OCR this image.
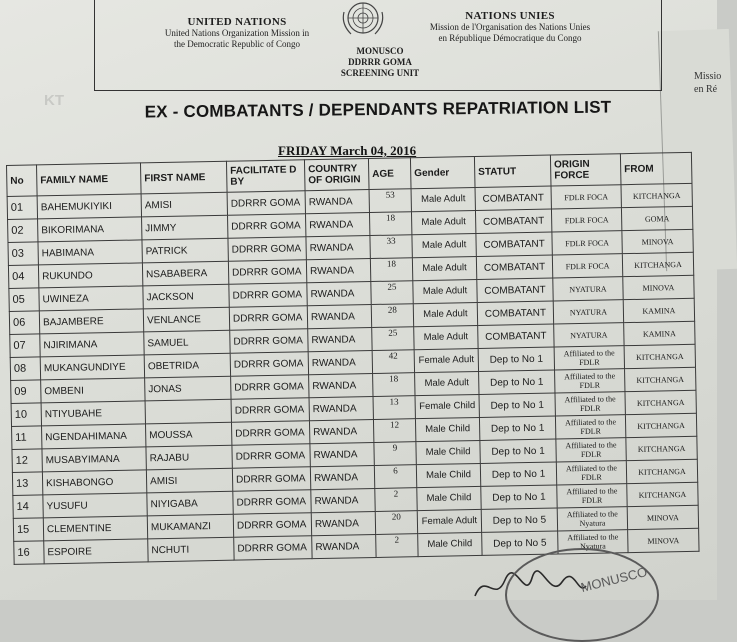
Missio
en Ré
UNITED NATIONS
United Nations Organization Mission in
the Democratic Republic of Congo
NATIONS UNIES
Mission de l'Organisation des Nations Unies
en République Démocratique du Congo
MONUSCO
DDRRR GOMA
SCREENING UNIT
KT	EX - COMBATANTS / DEPENDANTS REPATRIATION LIST
FRIDAY March 04, 2016
No	FAMILY NAME	FIRST NAME	FACILITATE D BY	COUNTRY OF ORIGIN	AGE	Gender	STATUT	ORIGIN FORCE	FROM
01	BAHEMUKIYIKI	AMISI	DDRRR GOMA	RWANDA	53	Male Adult	COMBATANT	FDLR FOCA	KITCHANGA
02	BIKORIMANA	JIMMY	DDRRR GOMA	RWANDA	18	Male Adult	COMBATANT	FDLR FOCA	GOMA
03	HABIMANA	PATRICK	DDRRR GOMA	RWANDA	33	Male Adult	COMBATANT	FDLR FOCA	MINOVA
04	RUKUNDO	NSABABERA	DDRRR GOMA	RWANDA	18	Male Adult	COMBATANT	FDLR FOCA	KITCHANGA
05	UWINEZA	JACKSON	DDRRR GOMA	RWANDA	25	Male Adult	COMBATANT	NYATURA	MINOVA
06	BAJAMBERE	VENLANCE	DDRRR GOMA	RWANDA	28	Male Adult	COMBATANT	NYATURA	KAMINA
07	NJIRIMANA	SAMUEL	DDRRR GOMA	RWANDA	25	Male Adult	COMBATANT	NYATURA	KAMINA
08	MUKANGUNDIYE	OBETRIDA	DDRRR GOMA	RWANDA	42	Female Adult	Dep to No 1	Affiliated to the FDLR	KITCHANGA
09	OMBENI	JONAS	DDRRR GOMA	RWANDA	18	Male Adult	Dep to No 1	Affiliated to the FDLR	KITCHANGA
10	NTIYUBAHE		DDRRR GOMA	RWANDA	13	Female Child	Dep to No 1	Affiliated to the FDLR	KITCHANGA
11	NGENDAHIMANA	MOUSSA	DDRRR GOMA	RWANDA	12	Male Child	Dep to No 1	Affiliated to the FDLR	KITCHANGA
12	MUSABYIMANA	RAJABU	DDRRR GOMA	RWANDA	9	Male Child	Dep to No 1	Affiliated to the FDLR	KITCHANGA
13	KISHABONGO	AMISI	DDRRR GOMA	RWANDA	6	Male Child	Dep to No 1	Affiliated to the FDLR	KITCHANGA
14	YUSUFU	NIYIGABA	DDRRR GOMA	RWANDA	2	Male Child	Dep to No 1	Affiliated to the FDLR	KITCHANGA
15	CLEMENTINE	MUKAMANZI	DDRRR GOMA	RWANDA	20	Female Adult	Dep to No 5	Affiliated to the Nyatura	MINOVA
16	ESPOIRE	NCHUTI	DDRRR GOMA	RWANDA	2	Male Child	Dep to No 5	Affiliated to the Nyatura	MINOVA
MONUSCO
